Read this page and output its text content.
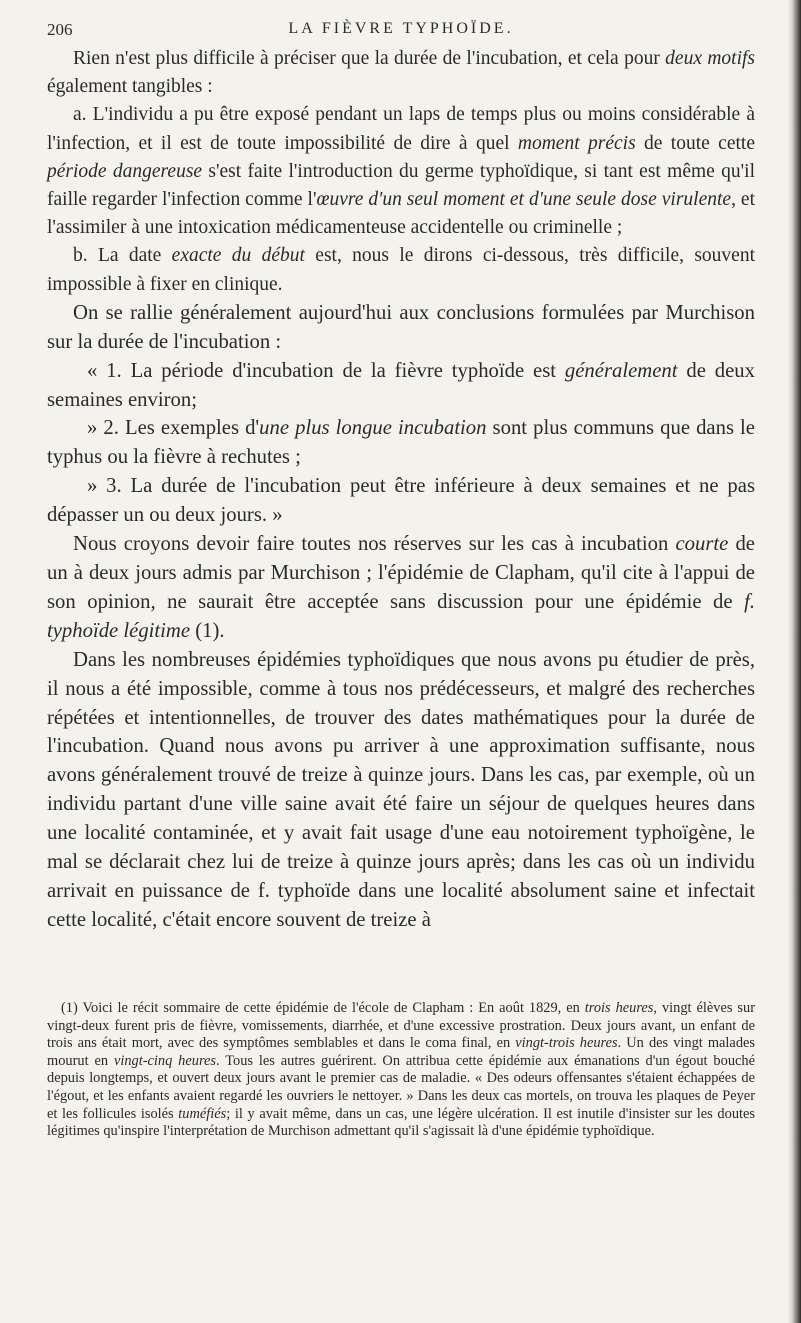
206	LA FIÈVRE TYPHOÏDE.

Rien n'est plus difficile à préciser que la durée de l'incubation, et cela pour deux motifs également tangibles :

a. L'individu a pu être exposé pendant un laps de temps plus ou moins considérable à l'infection, et il est de toute impossibilité de dire à quel moment précis de toute cette période dangereuse s'est faite l'introduction du germe typhoïdique, si tant est même qu'il faille regarder l'infection comme l'œuvre d'un seul moment et d'une seule dose virulente, et l'assimiler à une intoxication médicamenteuse accidentelle ou criminelle ;

b. La date exacte du début est, nous le dirons ci-dessous, très difficile, souvent impossible à fixer en clinique.

On se rallie généralement aujourd'hui aux conclusions formulées par Murchison sur la durée de l'incubation :

« 1. La période d'incubation de la fièvre typhoïde est généralement de deux semaines environ;

» 2. Les exemples d'une plus longue incubation sont plus communs que dans le typhus ou la fièvre à rechutes ;

» 3. La durée de l'incubation peut être inférieure à deux semaines et ne pas dépasser un ou deux jours. »

Nous croyons devoir faire toutes nos réserves sur les cas à incubation courte de un à deux jours admis par Murchison ; l'épidémie de Clapham, qu'il cite à l'appui de son opinion, ne saurait être acceptée sans discussion pour une épidémie de f. typhoïde légitime (1).

Dans les nombreuses épidémies typhoïdiques que nous avons pu étudier de près, il nous a été impossible, comme à tous nos prédécesseurs, et malgré des recherches répétées et intentionnelles, de trouver des dates mathématiques pour la durée de l'incubation. Quand nous avons pu arriver à une approximation suffisante, nous avons généralement trouvé de treize à quinze jours. Dans les cas, par exemple, où un individu partant d'une ville saine avait été faire un séjour de quelques heures dans une localité contaminée, et y avait fait usage d'une eau notoirement typhoïgène, le mal se déclarait chez lui de treize à quinze jours après; dans les cas où un individu arrivait en puissance de f. typhoïde dans une localité absolument saine et infectait cette localité, c'était encore souvent de treize à

(1) Voici le récit sommaire de cette épidémie de l'école de Clapham : En août 1829, en trois heures, vingt élèves sur vingt-deux furent pris de fièvre, vomissements, diarrhée, et d'une excessive prostration. Deux jours avant, un enfant de trois ans était mort, avec des symptômes semblables et dans le coma final, en vingt-trois heures. Un des vingt malades mourut en vingt-cinq heures. Tous les autres guérirent. On attribua cette épidémie aux émanations d'un égout bouché depuis longtemps, et ouvert deux jours avant le premier cas de maladie. « Des odeurs offensantes s'étaient échappées de l'égout, et les enfants avaient regardé les ouvriers le nettoyer. » Dans les deux cas mortels, on trouva les plaques de Peyer et les follicules isolés tuméfiés; il y avait même, dans un cas, une légère ulcération. Il est inutile d'insister sur les doutes légitimes qu'inspire l'interprétation de Murchison admettant qu'il s'agissait là d'une épidémie typhoïdique.
